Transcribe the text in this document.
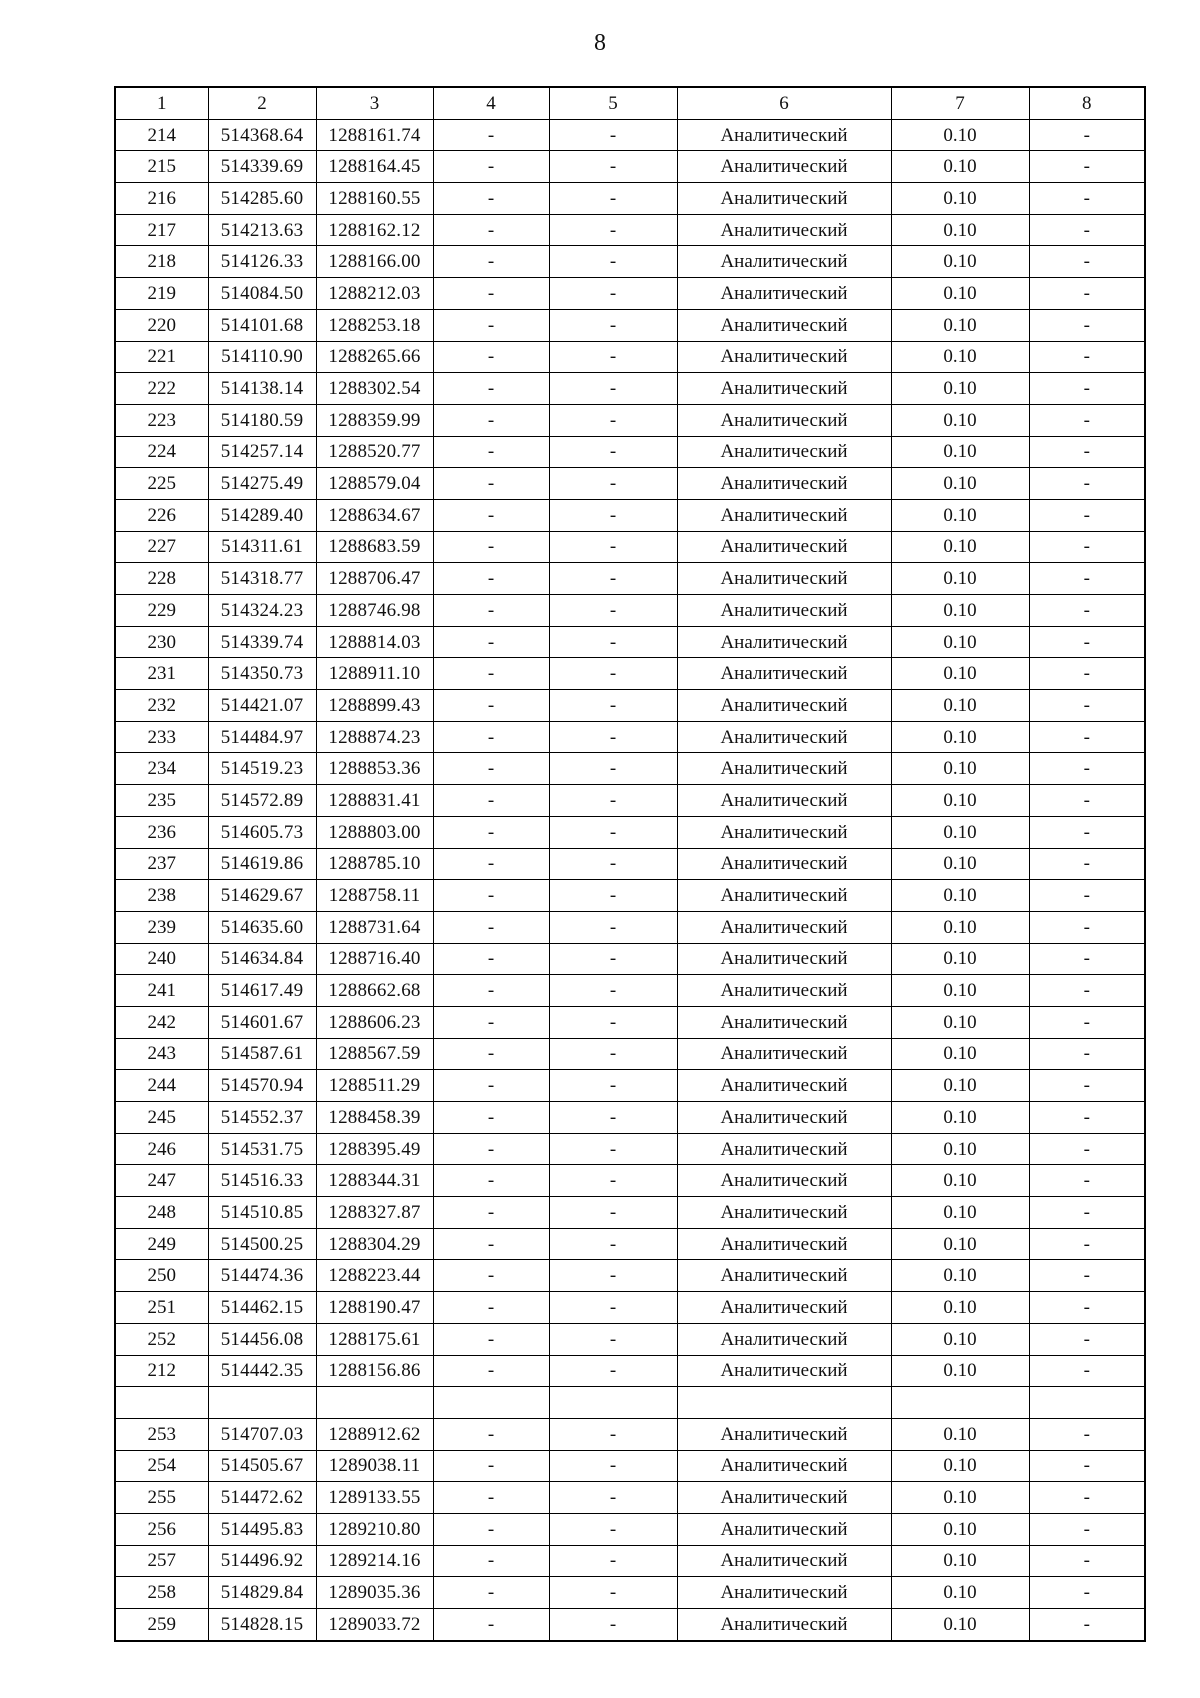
8
1	2	3	4	5	6	7	8
214	514368.64	1288161.74	-	-	Аналитический	0.10	-
215	514339.69	1288164.45	-	-	Аналитический	0.10	-
216	514285.60	1288160.55	-	-	Аналитический	0.10	-
217	514213.63	1288162.12	-	-	Аналитический	0.10	-
218	514126.33	1288166.00	-	-	Аналитический	0.10	-
219	514084.50	1288212.03	-	-	Аналитический	0.10	-
220	514101.68	1288253.18	-	-	Аналитический	0.10	-
221	514110.90	1288265.66	-	-	Аналитический	0.10	-
222	514138.14	1288302.54	-	-	Аналитический	0.10	-
223	514180.59	1288359.99	-	-	Аналитический	0.10	-
224	514257.14	1288520.77	-	-	Аналитический	0.10	-
225	514275.49	1288579.04	-	-	Аналитический	0.10	-
226	514289.40	1288634.67	-	-	Аналитический	0.10	-
227	514311.61	1288683.59	-	-	Аналитический	0.10	-
228	514318.77	1288706.47	-	-	Аналитический	0.10	-
229	514324.23	1288746.98	-	-	Аналитический	0.10	-
230	514339.74	1288814.03	-	-	Аналитический	0.10	-
231	514350.73	1288911.10	-	-	Аналитический	0.10	-
232	514421.07	1288899.43	-	-	Аналитический	0.10	-
233	514484.97	1288874.23	-	-	Аналитический	0.10	-
234	514519.23	1288853.36	-	-	Аналитический	0.10	-
235	514572.89	1288831.41	-	-	Аналитический	0.10	-
236	514605.73	1288803.00	-	-	Аналитический	0.10	-
237	514619.86	1288785.10	-	-	Аналитический	0.10	-
238	514629.67	1288758.11	-	-	Аналитический	0.10	-
239	514635.60	1288731.64	-	-	Аналитический	0.10	-
240	514634.84	1288716.40	-	-	Аналитический	0.10	-
241	514617.49	1288662.68	-	-	Аналитический	0.10	-
242	514601.67	1288606.23	-	-	Аналитический	0.10	-
243	514587.61	1288567.59	-	-	Аналитический	0.10	-
244	514570.94	1288511.29	-	-	Аналитический	0.10	-
245	514552.37	1288458.39	-	-	Аналитический	0.10	-
246	514531.75	1288395.49	-	-	Аналитический	0.10	-
247	514516.33	1288344.31	-	-	Аналитический	0.10	-
248	514510.85	1288327.87	-	-	Аналитический	0.10	-
249	514500.25	1288304.29	-	-	Аналитический	0.10	-
250	514474.36	1288223.44	-	-	Аналитический	0.10	-
251	514462.15	1288190.47	-	-	Аналитический	0.10	-
252	514456.08	1288175.61	-	-	Аналитический	0.10	-
212	514442.35	1288156.86	-	-	Аналитический	0.10	-

253	514707.03	1288912.62	-	-	Аналитический	0.10	-
254	514505.67	1289038.11	-	-	Аналитический	0.10	-
255	514472.62	1289133.55	-	-	Аналитический	0.10	-
256	514495.83	1289210.80	-	-	Аналитический	0.10	-
257	514496.92	1289214.16	-	-	Аналитический	0.10	-
258	514829.84	1289035.36	-	-	Аналитический	0.10	-
259	514828.15	1289033.72	-	-	Аналитический	0.10	-
